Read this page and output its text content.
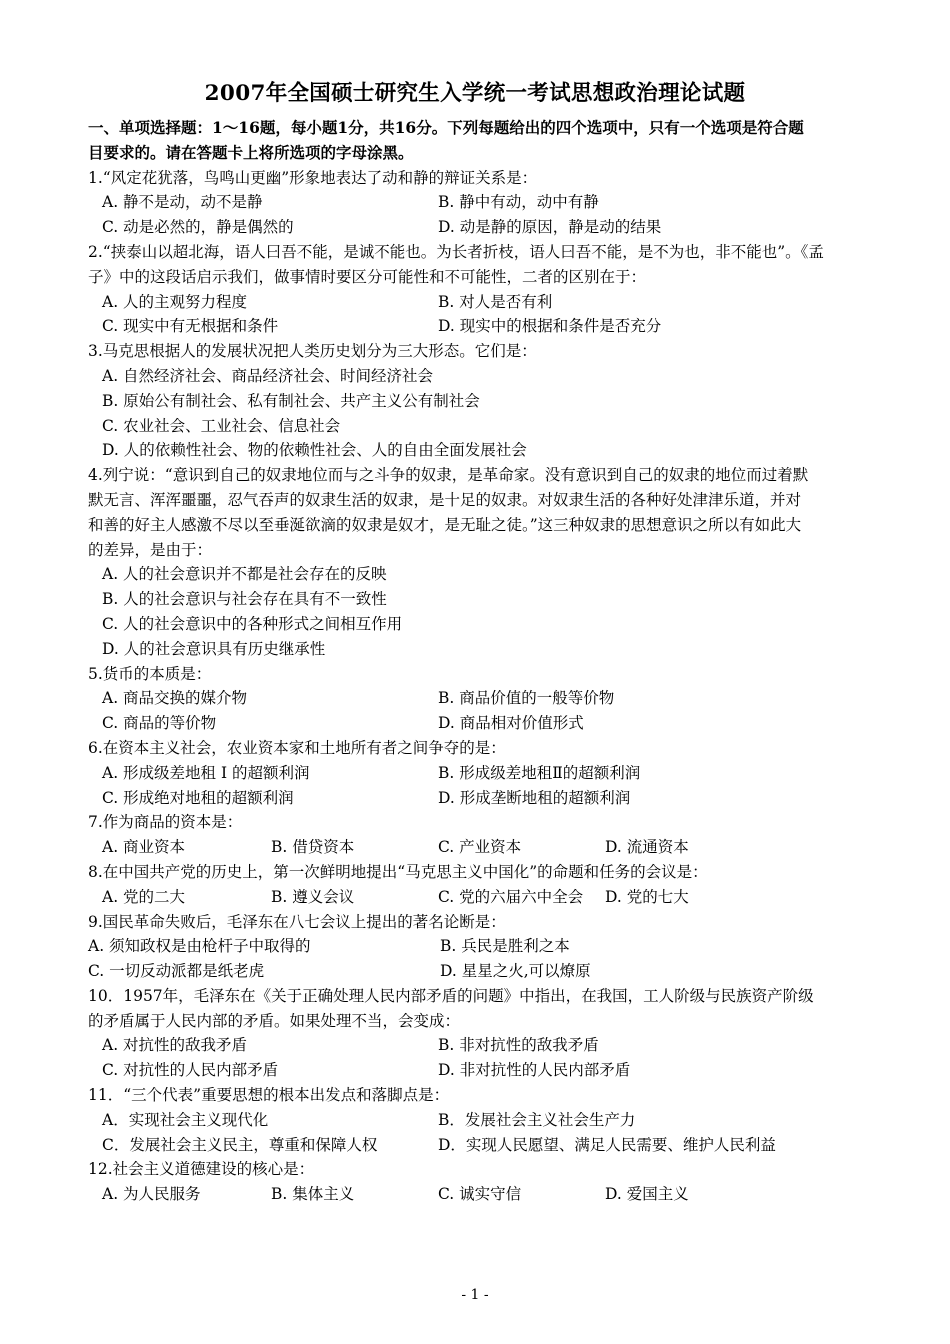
2007年全国硕士研究生入学统一考试思想政治理论试题
一、单项选择题：1～16题，每小题1分，共16分。下列每题给出的四个选项中，只有一个选项是符合题
目要求的。请在答题卡上将所选项的字母涂黑。
1.“风定花犹落，鸟鸣山更幽”形象地表达了动和静的辩证关系是：
A. 静不是动，动不是静	B. 静中有动，动中有静
C. 动是必然的，静是偶然的	D. 动是静的原因，静是动的结果
2.“挟泰山以超北海，语人曰吾不能，是诚不能也。为长者折枝，语人曰吾不能，是不为也，非不能也”。《孟
子》中的这段话启示我们，做事情时要区分可能性和不可能性，二者的区别在于：
A. 人的主观努力程度	B. 对人是否有利
C. 现实中有无根据和条件	D. 现实中的根据和条件是否充分
3.马克思根据人的发展状况把人类历史划分为三大形态。它们是：
A. 自然经济社会、商品经济社会、时间经济社会
B. 原始公有制社会、私有制社会、共产主义公有制社会
C. 农业社会、工业社会、信息社会
D. 人的依赖性社会、物的依赖性社会、人的自由全面发展社会
4.列宁说：“意识到自己的奴隶地位而与之斗争的奴隶，是革命家。没有意识到自己的奴隶的地位而过着默
默无言、浑浑噩噩，忍气吞声的奴隶生活的奴隶，是十足的奴隶。对奴隶生活的各种好处津津乐道，并对
和善的好主人感激不尽以至垂涎欲滴的奴隶是奴才，是无耻之徒。”这三种奴隶的思想意识之所以有如此大
的差异，是由于：
A. 人的社会意识并不都是社会存在的反映
B. 人的社会意识与社会存在具有不一致性
C. 人的社会意识中的各种形式之间相互作用
D. 人的社会意识具有历史继承性
5.货币的本质是：
A. 商品交换的媒介物	B. 商品价值的一般等价物
C. 商品的等价物	D. 商品相对价值形式
6.在资本主义社会，农业资本家和土地所有者之间争夺的是：
A. 形成级差地租 I 的超额利润	B. 形成级差地租Ⅱ的超额利润
C. 形成绝对地租的超额利润	D. 形成垄断地租的超额利润
7.作为商品的资本是：
A. 商业资本	B. 借贷资本	C. 产业资本	D. 流通资本
8.在中国共产党的历史上，第一次鲜明地提出“马克思主义中国化”的命题和任务的会议是：
A. 党的二大	B. 遵义会议	C. 党的六届六中全会 D. 党的七大
9.国民革命失败后，毛泽东在八七会议上提出的著名论断是：
A. 须知政权是由枪杆子中取得的	B. 兵民是胜利之本
C. 一切反动派都是纸老虎	D. 星星之火,可以燎原
10．1957年，毛泽东在《关于正确处理人民内部矛盾的问题》中指出，在我国，工人阶级与民族资产阶级
的矛盾属于人民内部的矛盾。如果处理不当，会变成：
A. 对抗性的敌我矛盾	B. 非对抗性的敌我矛盾
C. 对抗性的人民内部矛盾	D. 非对抗性的人民内部矛盾
11．“三个代表”重要思想的根本出发点和落脚点是：
A．实现社会主义现代化	B．发展社会主义社会生产力
C．发展社会主义民主，尊重和保障人权	D．实现人民愿望、满足人民需要、维护人民利益
12.社会主义道德建设的核心是：
A. 为人民服务	B. 集体主义	C. 诚实守信	D. 爱国主义
- 1 -
